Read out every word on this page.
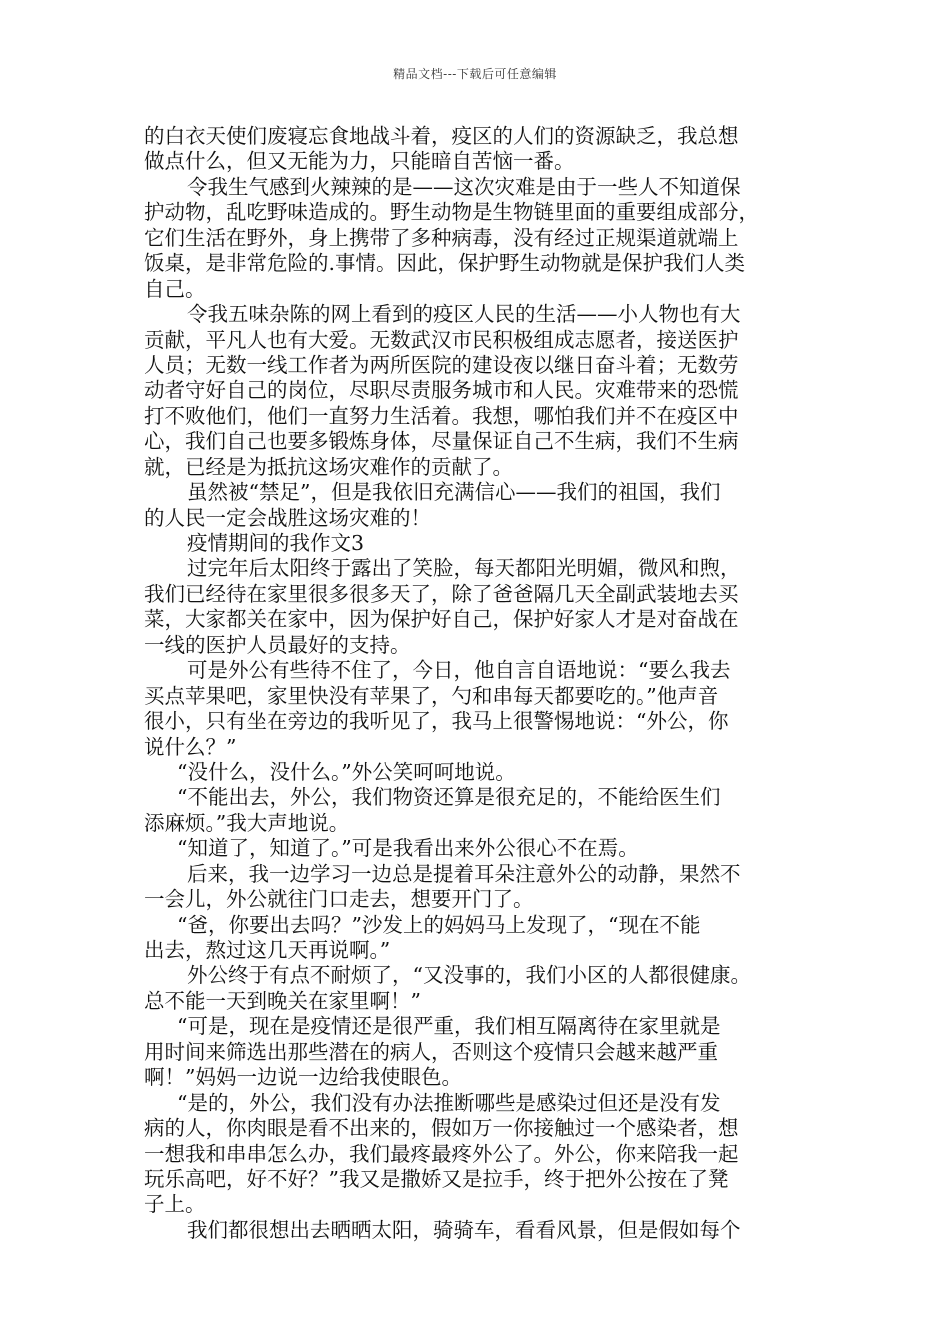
精品文档---下载后可任意编辑
的白衣天使们废寝忘食地战斗着，疫区的人们的资源缺乏，我总想
做点什么，但又无能为力，只能暗自苦恼一番。
令我生气感到火辣辣的是——这次灾难是由于一些人不知道保
护动物，乱吃野味造成的。野生动物是生物链里面的重要组成部分，
它们生活在野外，身上携带了多种病毒，没有经过正规渠道就端上
饭桌，是非常危险的.事情。因此，保护野生动物就是保护我们人类
自己。
令我五味杂陈的网上看到的疫区人民的生活——小人物也有大
贡献，平凡人也有大爱。无数武汉市民积极组成志愿者，接送医护
人员；无数一线工作者为两所医院的建设夜以继日奋斗着；无数劳
动者守好自己的岗位，尽职尽责服务城市和人民。灾难带来的恐慌
打不败他们，他们一直努力生活着。我想，哪怕我们并不在疫区中
心，我们自己也要多锻炼身体，尽量保证自己不生病，我们不生病
就，已经是为抵抗这场灾难作的贡献了。
虽然被“禁足”，但是我依旧充满信心——我们的祖国，我们
的人民一定会战胜这场灾难的！
疫情期间的我作文3
过完年后太阳终于露出了笑脸，每天都阳光明媚，微风和煦，
我们已经待在家里很多很多天了，除了爸爸隔几天全副武装地去买
菜，大家都关在家中，因为保护好自己，保护好家人才是对奋战在
一线的医护人员最好的支持。
可是外公有些待不住了，今日，他自言自语地说：“要么我去
买点苹果吧，家里快没有苹果了，勺和串每天都要吃的。”他声音
很小，只有坐在旁边的我听见了，我马上很警惕地说：“外公，你
说什么？”
“没什么，没什么。”外公笑呵呵地说。
“不能出去，外公，我们物资还算是很充足的，不能给医生们
添麻烦。”我大声地说。
“知道了，知道了。”可是我看出来外公很心不在焉。
后来，我一边学习一边总是提着耳朵注意外公的动静，果然不
一会儿，外公就往门口走去，想要开门了。
“爸，你要出去吗？”沙发上的妈妈马上发现了，“现在不能
出去，熬过这几天再说啊。”
外公终于有点不耐烦了，“又没事的，我们小区的人都很健康。
总不能一天到晚关在家里啊！”
“可是，现在是疫情还是很严重，我们相互隔离待在家里就是
用时间来筛选出那些潜在的病人，否则这个疫情只会越来越严重
啊！”妈妈一边说一边给我使眼色。
“是的，外公，我们没有办法推断哪些是感染过但还是没有发
病的人，你肉眼是看不出来的，假如万一你接触过一个感染者，想
一想我和串串怎么办，我们最疼最疼外公了。外公，你来陪我一起
玩乐高吧，好不好？”我又是撒娇又是拉手，终于把外公按在了凳
子上。
我们都很想出去晒晒太阳，骑骑车，看看风景，但是假如每个
